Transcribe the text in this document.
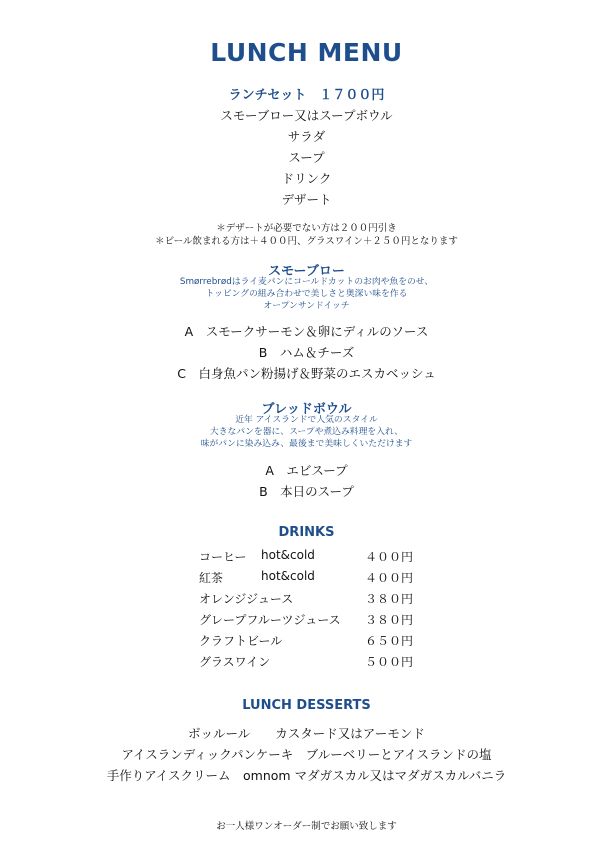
LUNCH MENU
ランチセット　１７００円
スモーブロー又はスープボウル
サラダ
スープ
ドリンク
デザート
＊デザートが必要でない方は２００円引き
＊ビール飲まれる方は＋４００円、グラスワイン＋２５０円となります
スモーブロー
Smørrebrødはライ麦パンにコールドカットのお肉や魚をのせ、
トッピングの組み合わせで美しさと奥深い味を作る
オープンサンドイッチ
A　スモークサーモン＆卵にディルのソース
B　ハム＆チーズ
C　白身魚パン粉揚げ＆野菜のエスカベッシュ
ブレッドボウル
近年 アイスランドで人気のスタイル
大きなパンを器に、スープや煮込み料理を入れ、
味がパンに染み込み、最後まで美味しくいただけます
A　エビスープ
B　本日のスープ
DRINKS
コーヒー hot&cold	４００円
紅茶	hot&cold	４００円
オレンジジュース	３８０円
グレープフルーツジュース ３８０円
クラフトビール	６５０円
グラスワイン	５００円
LUNCH DESSERTS
ボッルール　　カスタード又はアーモンド
アイスランディックパンケーキ　ブルーベリーとアイスランドの塩
手作りアイスクリーム　omnom マダガスカル又はマダガスカルバニラ
お一人様ワンオーダー制でお願い致します
